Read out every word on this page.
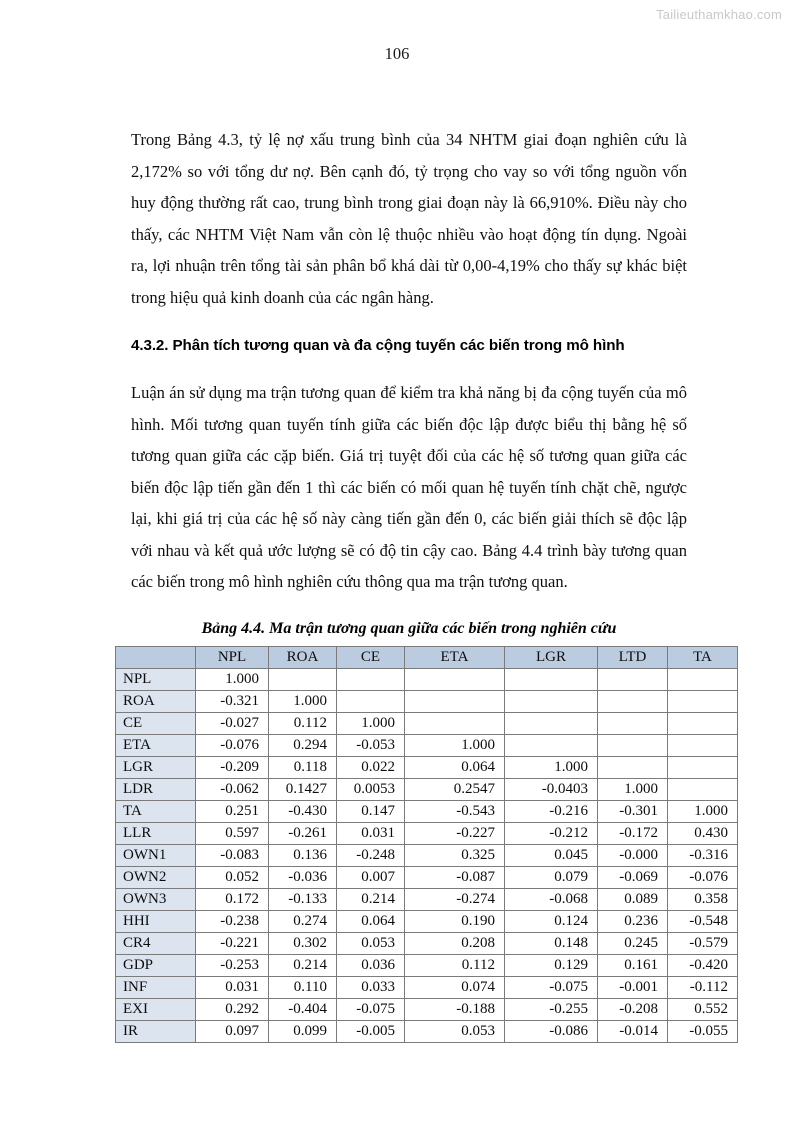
Tailieuthamkhao.com
106

Trong Bảng 4.3, tỷ lệ nợ xấu trung bình của 34 NHTM giai đoạn nghiên cứu là 2,172% so với tổng dư nợ. Bên cạnh đó, tỷ trọng cho vay so với tổng nguồn vốn huy động thường rất cao, trung bình trong giai đoạn này là 66,910%. Điều này cho thấy, các NHTM Việt Nam vẫn còn lệ thuộc nhiều vào hoạt động tín dụng. Ngoài ra, lợi nhuận trên tổng tài sản phân bổ khá dài từ 0,00-4,19% cho thấy sự khác biệt trong hiệu quả kinh doanh của các ngân hàng.

4.3.2. Phân tích tương quan và đa cộng tuyến các biến trong mô hình

Luận án sử dụng ma trận tương quan để kiểm tra khả năng bị đa cộng tuyến của mô hình. Mối tương quan tuyến tính giữa các biến độc lập được biểu thị bằng hệ số tương quan giữa các cặp biến. Giá trị tuyệt đối của các hệ số tương quan giữa các biến độc lập tiến gần đến 1 thì các biến có mối quan hệ tuyến tính chặt chẽ, ngược lại, khi giá trị của các hệ số này càng tiến gần đến 0, các biến giải thích sẽ độc lập với nhau và kết quả ước lượng sẽ có độ tin cậy cao. Bảng 4.4 trình bày tương quan các biến trong mô hình nghiên cứu thông qua ma trận tương quan.

Bảng 4.4. Ma trận tương quan giữa các biến trong nghiên cứu
	NPL	ROA	CE	ETA	LGR	LTD	TA
NPL	1.000						
ROA	-0.321	1.000					
CE	-0.027	0.112	1.000				
ETA	-0.076	0.294	-0.053	1.000			
LGR	-0.209	0.118	0.022	0.064	1.000		
LDR	-0.062	0.1427	0.0053	0.2547	-0.0403	1.000	
TA	0.251	-0.430	0.147	-0.543	-0.216	-0.301	1.000
LLR	0.597	-0.261	0.031	-0.227	-0.212	-0.172	0.430
OWN1	-0.083	0.136	-0.248	0.325	0.045	-0.000	-0.316
OWN2	0.052	-0.036	0.007	-0.087	0.079	-0.069	-0.076
OWN3	0.172	-0.133	0.214	-0.274	-0.068	0.089	0.358
HHI	-0.238	0.274	0.064	0.190	0.124	0.236	-0.548
CR4	-0.221	0.302	0.053	0.208	0.148	0.245	-0.579
GDP	-0.253	0.214	0.036	0.112	0.129	0.161	-0.420
INF	0.031	0.110	0.033	0.074	-0.075	-0.001	-0.112
EXI	0.292	-0.404	-0.075	-0.188	-0.255	-0.208	0.552
IR	0.097	0.099	-0.005	0.053	-0.086	-0.014	-0.055
